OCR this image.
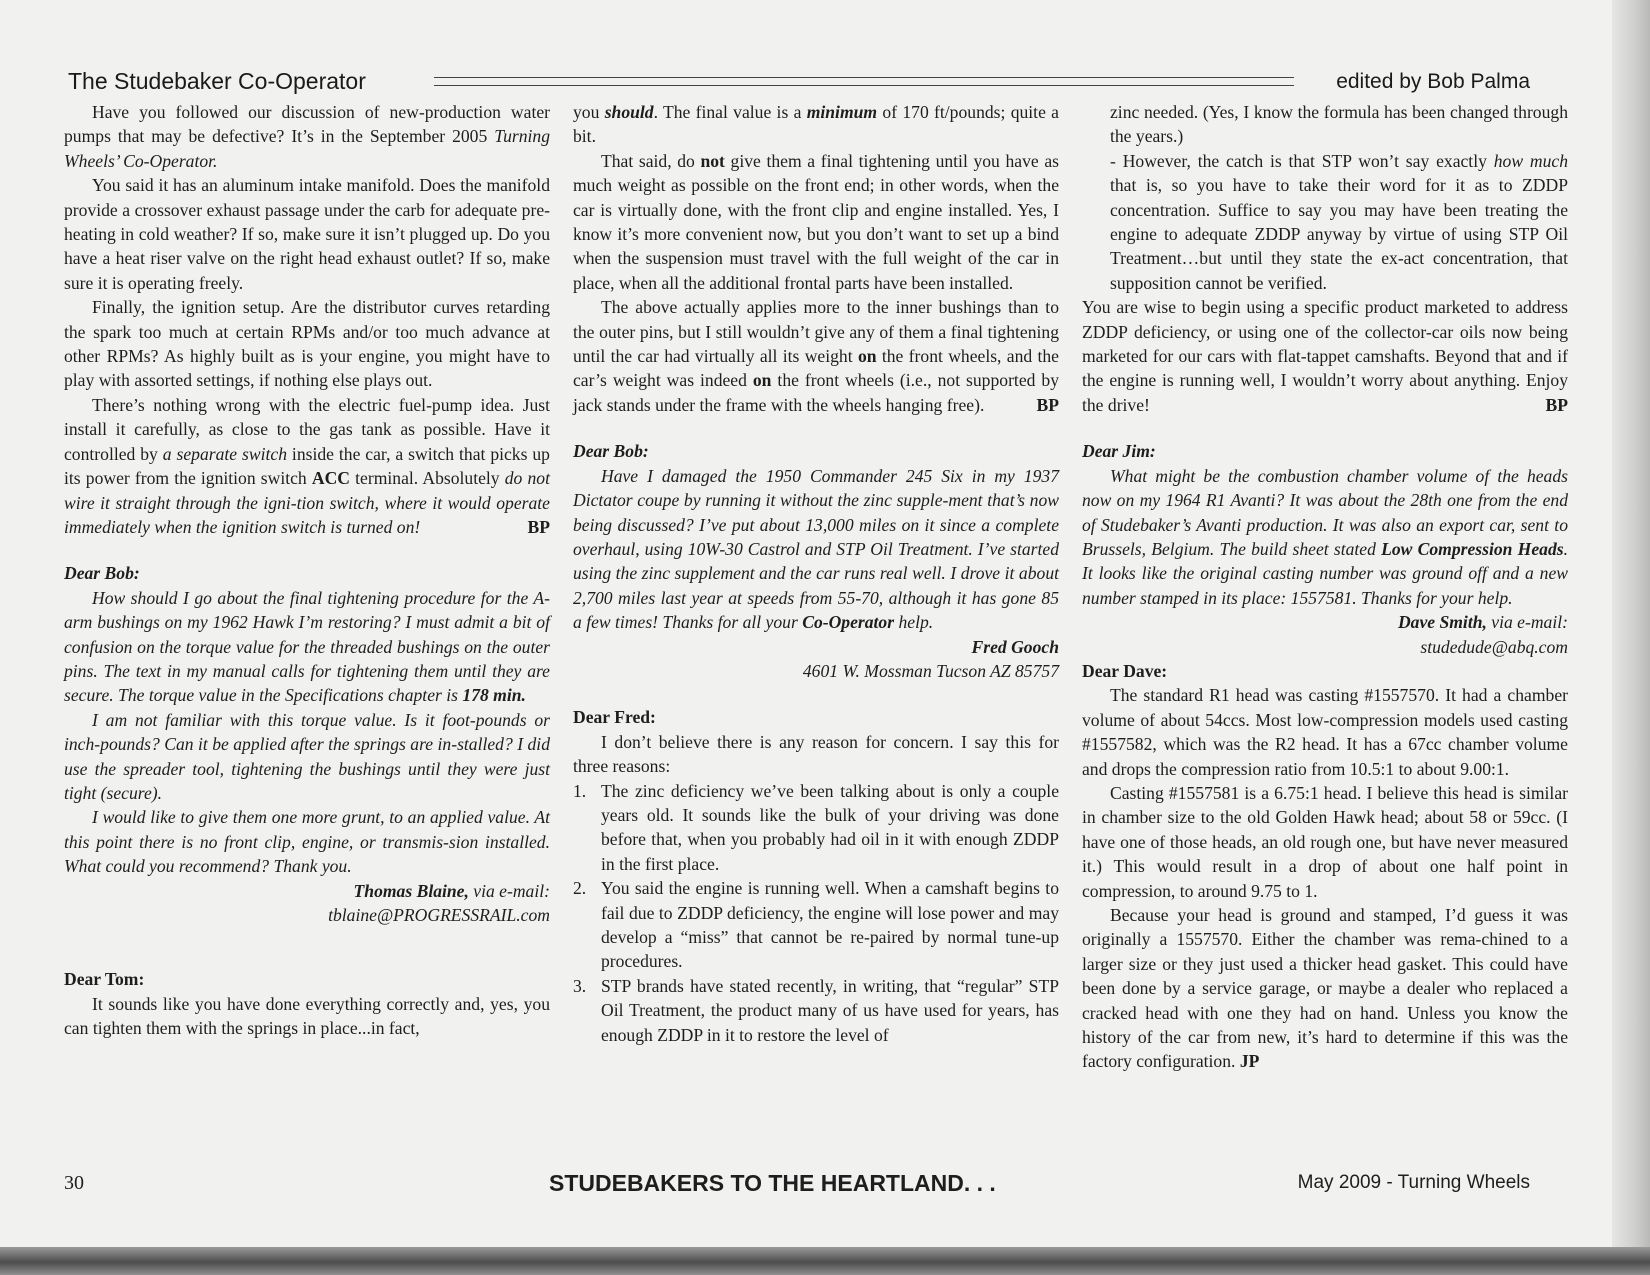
The Studebaker Co-Operator	edited by Bob Palma

Have you followed our discussion of new-production water pumps that may be defective? It’s in the September 2005 Turning Wheels’ Co-Operator.

You said it has an aluminum intake manifold. Does the manifold provide a crossover exhaust passage under the carb for adequate pre-heating in cold weather? If so, make sure it isn’t plugged up. Do you have a heat riser valve on the right head exhaust outlet? If so, make sure it is operating freely.

Finally, the ignition setup. Are the distributor curves retarding the spark too much at certain RPMs and/or too much advance at other RPMs? As highly built as is your engine, you might have to play with assorted settings, if nothing else plays out.

There’s nothing wrong with the electric fuel-pump idea. Just install it carefully, as close to the gas tank as possible. Have it controlled by a separate switch inside the car, a switch that picks up its power from the ignition switch ACC terminal. Absolutely do not wire it straight through the igni-tion switch, where it would operate immediately when the ignition switch is turned on!	BP

Dear Bob:

How should I go about the final tightening procedure for the A-arm bushings on my 1962 Hawk I’m restoring? I must admit a bit of confusion on the torque value for the threaded bushings on the outer pins. The text in my manual calls for tightening them until they are secure. The torque value in the Specifications chapter is 178 min.

I am not familiar with this torque value. Is it foot-pounds or inch-pounds? Can it be applied after the springs are in-stalled? I did use the spreader tool, tightening the bushings until they were just tight (secure).

I would like to give them one more grunt, to an applied value. At this point there is no front clip, engine, or transmis-sion installed. What could you recommend? Thank you.

Thomas Blaine, via e-mail:

tblaine@PROGRESSRAIL.com

Dear Tom:

It sounds like you have done everything correctly and, yes, you can tighten them with the springs in place...in fact,

you should. The final value is a minimum of 170 ft/pounds; quite a bit.

That said, do not give them a final tightening until you have as much weight as possible on the front end; in other words, when the car is virtually done, with the front clip and engine installed. Yes, I know it’s more convenient now, but you don’t want to set up a bind when the suspension must travel with the full weight of the car in place, when all the additional frontal parts have been installed.

The above actually applies more to the inner bushings than to the outer pins, but I still wouldn’t give any of them a final tightening until the car had virtually all its weight on the front wheels, and the car’s weight was indeed on the front wheels (i.e., not supported by jack stands under the frame with the wheels hanging free).	BP

Dear Bob:

Have I damaged the 1950 Commander 245 Six in my 1937 Dictator coupe by running it without the zinc supple-ment that’s now being discussed? I’ve put about 13,000 miles on it since a complete overhaul, using 10W-30 Castrol and STP Oil Treatment. I’ve started using the zinc supplement and the car runs real well. I drove it about 2,700 miles last year at speeds from 55-70, although it has gone 85 a few times! Thanks for all your Co-Operator help.

Fred Gooch

4601 W. Mossman Tucson AZ 85757

Dear Fred:

I don’t believe there is any reason for concern. I say this for three reasons:

1. The zinc deficiency we’ve been talking about is only a couple years old. It sounds like the bulk of your driving was done before that, when you probably had oil in it with enough ZDDP in the first place.
2. You said the engine is running well. When a camshaft begins to fail due to ZDDP deficiency, the engine will lose power and may develop a “miss” that cannot be re-paired by normal tune-up procedures.
3. STP brands have stated recently, in writing, that “regular” STP Oil Treatment, the product many of us have used for years, has enough ZDDP in it to restore the level of

zinc needed. (Yes, I know the formula has been changed through the years.)

- However, the catch is that STP won’t say exactly how much that is, so you have to take their word for it as to ZDDP concentration. Suffice to say you may have been treating the engine to adequate ZDDP anyway by virtue of using STP Oil Treatment…but until they state the ex-act concentration, that supposition cannot be verified.

You are wise to begin using a specific product marketed to address ZDDP deficiency, or using one of the collector-car oils now being marketed for our cars with flat-tappet camshafts. Beyond that and if the engine is running well, I wouldn’t worry about anything. Enjoy the drive!	BP

Dear Jim:

What might be the combustion chamber volume of the heads now on my 1964 R1 Avanti? It was about the 28th one from the end of Studebaker’s Avanti production. It was also an export car, sent to Brussels, Belgium. The build sheet stated Low Compression Heads. It looks like the original casting number was ground off and a new number stamped in its place: 1557581. Thanks for your help.

Dave Smith, via e-mail:

studedude@abq.com

Dear Dave:

The standard R1 head was casting #1557570. It had a chamber volume of about 54ccs. Most low-compression models used casting #1557582, which was the R2 head. It has a 67cc chamber volume and drops the compression ratio from 10.5:1 to about 9.00:1.

Casting #1557581 is a 6.75:1 head. I believe this head is similar in chamber size to the old Golden Hawk head; about 58 or 59cc. (I have one of those heads, an old rough one, but have never measured it.) This would result in a drop of about one half point in compression, to around 9.75 to 1.

Because your head is ground and stamped, I’d guess it was originally a 1557570. Either the chamber was rema-chined to a larger size or they just used a thicker head gasket. This could have been done by a service garage, or maybe a dealer who replaced a cracked head with one they had on hand. Unless you know the history of the car from new, it’s hard to determine if this was the factory configuration. JP

30	STUDEBAKERS TO THE HEARTLAND. . .	May 2009 - Turning Wheels
